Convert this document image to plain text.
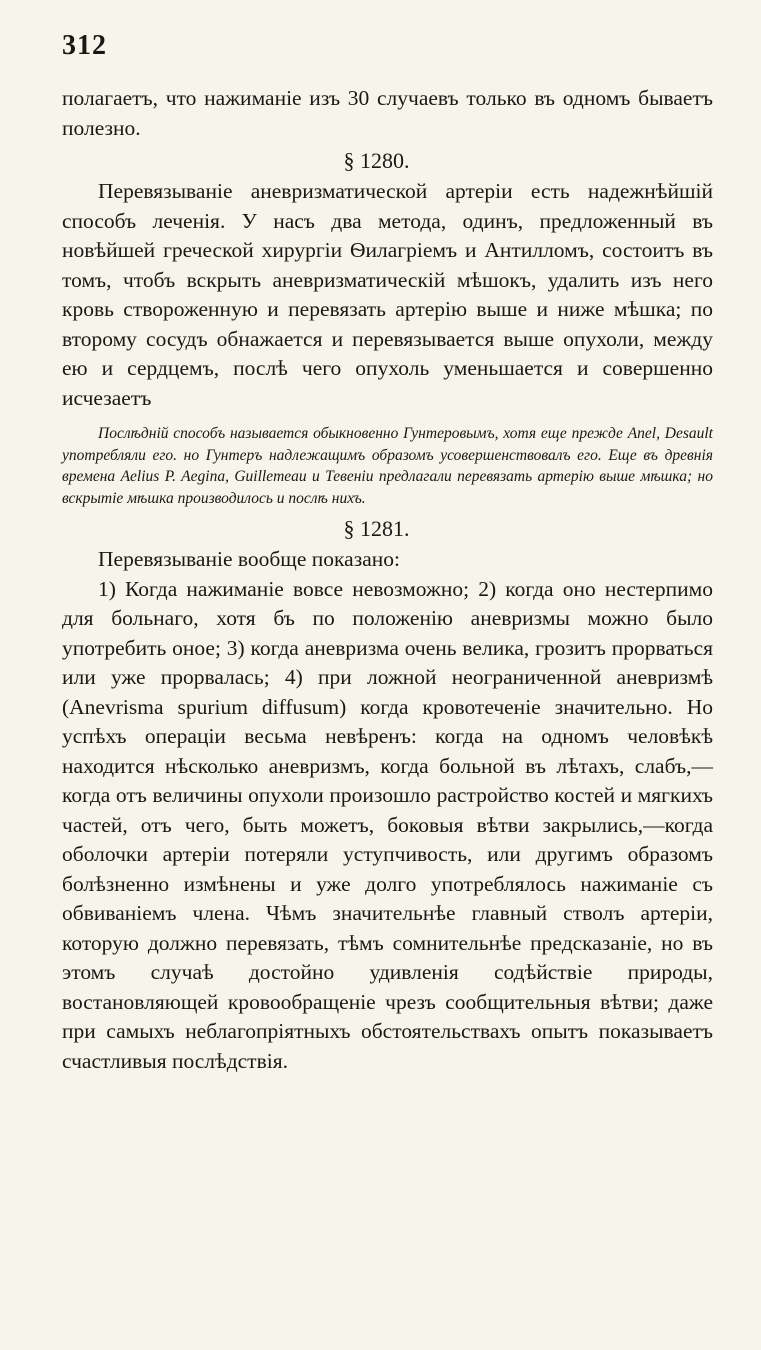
312

полагаетъ, что нажиманіе изъ 30 случаевъ только въ одномъ бываетъ полезно.

§ 1280.

Перевязываніе аневризматической артеріи есть надежнѣйшій способъ леченія. У насъ два метода, одинъ, предложенный въ новѣйшей греческой хирургіи Ѳилагріемъ и Антилломъ, состоитъ въ томъ, чтобъ вскрыть аневризматическій мѣшокъ, удалить изъ него кровь створоженную и перевязать артерію выше и ниже мѣшка; по второму сосудъ обнажается и перевязывается выше опухоли, между ею и сердцемъ, послѣ чего опухоль уменьшается и совершенно исчезаетъ

Послѣдній способъ называется обыкновенно Гунтеровымъ, хотя еще прежде Anel, Desault употребляли его. но Гунтеръ надлежащимъ образомъ усовершенствовалъ его. Еще въ древнія времена Aelius P. Aegina, Guillemeau и Тевеніи предлагали перевязать артерію выше мѣшка; но вскрытіе мѣшка производилось и послѣ нихъ.

§ 1281.

Перевязываніе вообще показано:

1) Когда нажиманіе вовсе невозможно; 2) когда оно нестерпимо для больнаго, хотя бъ по положенію аневризмы можно было употребить оное; 3) когда аневризма очень велика, грозитъ прорваться или уже прорвалась; 4) при ложной неограниченной аневризмѣ (Anevrisma spurium diffusum) когда кровотеченіе значительно. Но успѣхъ операціи весьма невѣренъ: когда на одномъ человѣкѣ находится нѣсколько аневризмъ, когда больной въ лѣтахъ, слабъ,—когда отъ величины опухоли произошло растройство костей и мягкихъ частей, отъ чего, быть можетъ, боковыя вѣтви закрылись,—когда оболочки артеріи потеряли уступчивость, или другимъ образомъ болѣзненно измѣнены и уже долго употреблялось нажиманіе съ обвиваніемъ члена. Чѣмъ значительнѣе главный стволъ артеріи, которую должно перевязать, тѣмъ сомнительнѣе предсказаніе, но въ этомъ случаѣ достойно удивленія содѣйствіе природы, востановляющей кровообращеніе чрезъ сообщительныя вѣтви; даже при самыхъ неблагопріятныхъ обстоятельствахъ опытъ показываетъ счастливыя послѣдствія.
